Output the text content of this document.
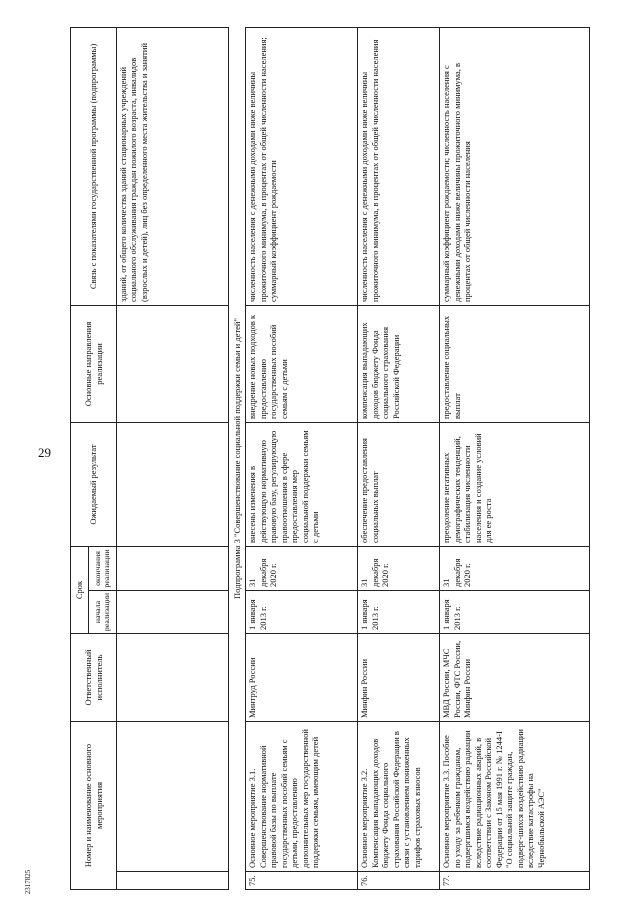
29
2317825
Номер и наименование основного мероприятия		Ответственный исполнитель	Срок		Ожидаемый результат	Основные направления реализации	Связь с показателями государственной программы (подпрограммы)
			начала реализации	окончания реализации			
							зданий, от общего количества зданий стационарных учреждений социального обслуживания граждан пожилого возраста, инвалидов (взрослых и детей), лиц без определенного места жительства и занятий
Подпрограмма 3 "Совершенствование социальной поддержки семьи и детей"							
75.	Основное мероприятие 3.1. Совершенствование нормативной правовой базы по выплате государственных пособий семьям с детьми, предоставлению дополнительных мер государственной поддержки семьям, имеющим детей	Минтруд России	1 января 2013 г.	31 декабря 2020 г.	внесены изменения в действующую нормативную правовую базу, регулирующую правоотношения в сфере предоставления мер социальной поддержки семьям с детьми	внедрение новых подходов к предоставлению государственных пособий семьям с детьми	численность населения с денежными доходами ниже величины прожиточного минимума, в процентах от общей численности населения; суммарный коэффициент рождаемости
76.	Основное мероприятие 3.2. Компенсация выпадающих доходов бюджету Фонда социального страхования Российской Федерации в связи с установлением пониженных тарифов страховых взносов	Минфин России	1 января 2013 г.	31 декабря 2020 г.	обеспечение предоставления социальных выплат	компенсация выпадающих доходов бюджету Фонда социального страхования Российской Федерации	численность населения с денежными доходами ниже величины прожиточного минимума, в процентах от общей численности населения
77.	Основное мероприятие 3.3. Пособие по уходу за ребенком гражданам, подвергшимся воздействию радиации вследствие радиационных аварий, в соответствии с Законом Российской Федерации от 15 мая 1991 г. № 1244-I "О социальной защите граждан, подверг-шихся воздействию радиации вследствие катастрофы на Чернобыльской АЭС"	МВД России, МЧС России, ФТС России, Минфин России	1 января 2013 г.	31 декабря 2020 г.	преодоление негативных демографических тенденций, стабилизация численности населения и создание условий для ее роста	предоставление социальных выплат	суммарный коэффициент рождаемости; численность населения с денежными доходами ниже величины прожиточного минимума, в процентах от общей численности населения
